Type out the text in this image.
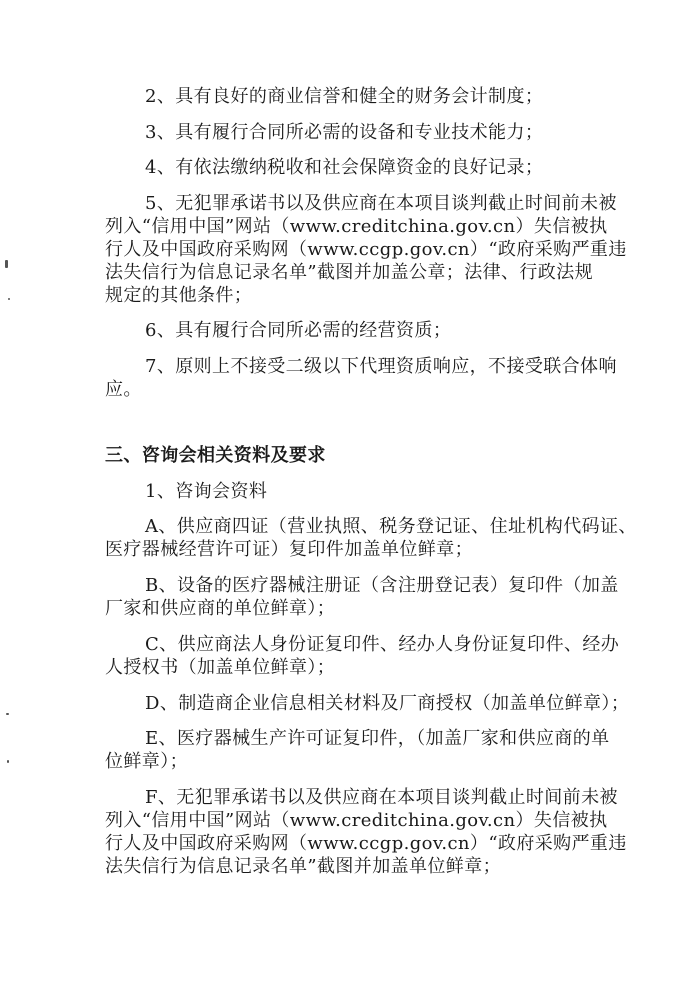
2、具有良好的商业信誉和健全的财务会计制度；
3、具有履行合同所必需的设备和专业技术能力；
4、有依法缴纳税收和社会保障资金的良好记录；
5、无犯罪承诺书以及供应商在本项目谈判截止时间前未被
列入“信用中国”网站（www.creditchina.gov.cn）失信被执
行人及中国政府采购网（www.ccgp.gov.cn）“政府采购严重违
法失信行为信息记录名单”截图并加盖公章；法律、行政法规
规定的其他条件；
6、具有履行合同所必需的经营资质；
7、原则上不接受二级以下代理资质响应，不接受联合体响
应。
三、咨询会相关资料及要求
1、咨询会资料
A、供应商四证（营业执照、税务登记证、住址机构代码证、
医疗器械经营许可证）复印件加盖单位鲜章；
B、设备的医疗器械注册证（含注册登记表）复印件（加盖
厂家和供应商的单位鲜章）；
C、供应商法人身份证复印件、经办人身份证复印件、经办
人授权书（加盖单位鲜章）；
D、制造商企业信息相关材料及厂商授权（加盖单位鲜章）；
E、医疗器械生产许可证复印件，（加盖厂家和供应商的单
位鲜章）；
F、无犯罪承诺书以及供应商在本项目谈判截止时间前未被
列入“信用中国”网站（www.creditchina.gov.cn）失信被执
行人及中国政府采购网（www.ccgp.gov.cn）“政府采购严重违
法失信行为信息记录名单”截图并加盖单位鲜章；
